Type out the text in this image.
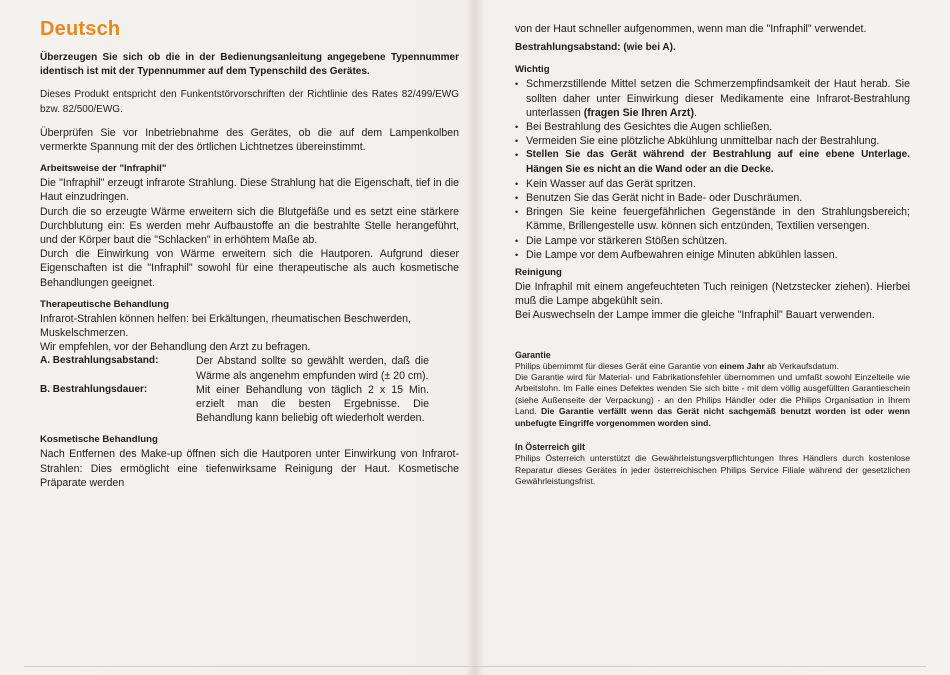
Deutsch

Überzeugen Sie sich ob die in der Bedienungsanleitung angegebene Typennummer identisch ist mit der Typennummer auf dem Typenschild des Gerätes.

Dieses Produkt entspricht den Funkentstörvorschriften der Richtlinie des Rates 82/499/EWG bzw. 82/500/EWG.

Überprüfen Sie vor Inbetriebnahme des Gerätes, ob die auf dem Lampenkolben vermerkte Spannung mit der des örtlichen Lichtnetzes übereinstimmt.

Arbeitsweise der "Infraphil"

Die "Infraphil" erzeugt infrarote Strahlung. Diese Strahlung hat die Eigenschaft, tief in die Haut einzudringen.

Durch die so erzeugte Wärme erweitern sich die Blutgefäße und es setzt eine stärkere Durchblutung ein: Es werden mehr Aufbaustoffe an die bestrahlte Stelle herangeführt, und der Körper baut die "Schlacken" in erhöhtem Maße ab.

Durch die Einwirkung von Wärme erweitern sich die Hautporen. Aufgrund dieser Eigenschaften ist die "Infraphil" sowohl für eine therapeutische als auch kosmetische Behandlungen geeignet.

Therapeutische Behandlung

Infrarot-Strahlen können helfen: bei Erkältungen, rheumatischen Beschwerden, Muskelschmerzen.

Wir empfehlen, vor der Behandlung den Arzt zu befragen.

A. Bestrahlungsabstand:	Der Abstand sollte so gewählt werden, daß die Wärme als angenehm empfunden wird (± 20 cm).
B. Bestrahlungsdauer:	Mit einer Behandlung von täglich 2 x 15 Min. erzielt man die besten Ergebnisse. Die Behandlung kann beliebig oft wiederholt werden.
Kosmetische Behandlung

Nach Entfernen des Make-up öffnen sich die Hautporen unter Einwirkung von Infrarot-Strahlen: Dies ermöglicht eine tiefenwirksame Reinigung der Haut. Kosmetische Präparate werden

von der Haut schneller aufgenommen, wenn man die "Infraphil" verwendet.

Bestrahlungsabstand: (wie bei A).

Wichtig
• Schmerzstillende Mittel setzen die Schmerzempfindsamkeit der Haut herab. Sie sollten daher unter Einwirkung dieser Medikamente eine Infrarot-Bestrahlung unterlassen (fragen Sie Ihren Arzt).
• Bei Bestrahlung des Gesichtes die Augen schließen.
• Vermeiden Sie eine plötzliche Abkühlung unmittelbar nach der Bestrahlung.
• Stellen Sie das Gerät während der Bestrahlung auf eine ebene Unterlage. Hängen Sie es nicht an die Wand oder an die Decke.
• Kein Wasser auf das Gerät spritzen.
• Benutzen Sie das Gerät nicht in Bade- oder Duschräumen.
• Bringen Sie keine feuergefährlichen Gegenstände in den Strahlungsbereich; Kämme, Brillengestelle usw. können sich entzünden, Textilien versengen.
• Die Lampe vor stärkeren Stößen schützen.
• Die Lampe vor dem Aufbewahren einige Minuten abkühlen lassen.
Reinigung

Die Infraphil mit einem angefeuchteten Tuch reinigen (Netzstecker ziehen). Hierbei muß die Lampe abgekühlt sein.

Bei Auswechseln der Lampe immer die gleiche "Infraphil" Bauart verwenden.

Garantie

Philips übernimmt für dieses Gerät eine Garantie von einem Jahr ab Verkaufsdatum.

Die Garantie wird für Material- und Fabrikationsfehler übernommen und umfaßt sowohl Einzelteile wie Arbeitslohn. Im Falle eines Defektes wenden Sie sich bitte - mit dem völlig ausgefüllten Garantieschein (siehe Außenseite der Verpackung) - an den Philips Händler oder die Philips Organisation in Ihrem Land. Die Garantie verfällt wenn das Gerät nicht sachgemäß benutzt worden ist oder wenn unbefugte Eingriffe vorgenommen worden sind.

In Österreich gilt

Philips Österreich unterstützt die Gewährleistungsverpflichtungen Ihres Händlers durch kostenlose Reparatur dieses Gerätes in jeder österreichischen Philips Service Filiale während der gesetzlichen Gewährleistungsfrist.
